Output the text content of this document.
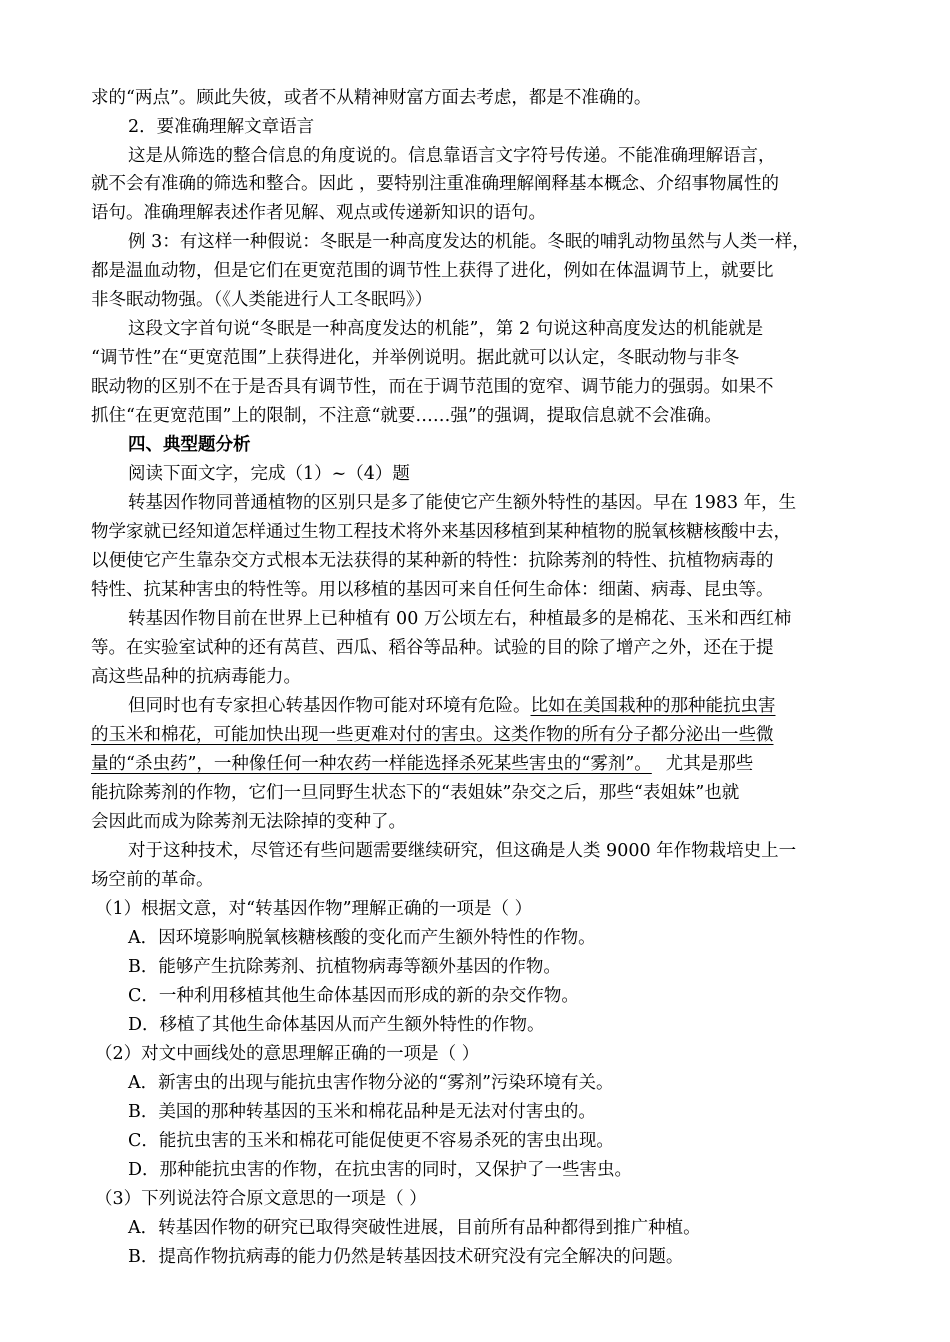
求的“两点”。顾此失彼，或者不从精神财富方面去考虑，都是不准确的。
2．要准确理解文章语言
这是从筛选的整合信息的角度说的。信息靠语言文字符号传递。不能准确理解语言，
就不会有准确的筛选和整合。因此 ，要特别注重准确理解阐释基本概念、介绍事物属性的
语句。准确理解表述作者见解、观点或传递新知识的语句。
例 3：有这样一种假说：冬眠是一种高度发达的机能。冬眠的哺乳动物虽然与人类一样，
都是温血动物，但是它们在更宽范围的调节性上获得了进化，例如在体温调节上，就要比
非冬眠动物强。（《人类能进行人工冬眠吗》）
这段文字首句说“冬眠是一种高度发达的机能”，第 2 句说这种高度发达的机能就是
“调节性”在“更宽范围”上获得进化，并举例说明。据此就可以认定，冬眠动物与非冬
眠动物的区别不在于是否具有调节性，而在于调节范围的宽窄、调节能力的强弱。如果不
抓住“在更宽范围”上的限制，不注意“就要……强”的强调，提取信息就不会准确。
四、典型题分析
阅读下面文字，完成（1）~（4）题
转基因作物同普通植物的区别只是多了能使它产生额外特性的基因。早在 1983 年，生
物学家就已经知道怎样通过生物工程技术将外来基因移植到某种植物的脱氧核糖核酸中去，
以便使它产生靠杂交方式根本无法获得的某种新的特性：抗除莠剂的特性、抗植物病毒的
特性、抗某种害虫的特性等。用以移植的基因可来自任何生命体：细菌、病毒、昆虫等。
转基因作物目前在世界上已种植有 00 万公顷左右，种植最多的是棉花、玉米和西红柿
等。在实验室试种的还有莴苣、西瓜、稻谷等品种。试验的目的除了增产之外，还在于提
高这些品种的抗病毒能力。
但同时也有专家担心转基因作物可能对环境有危险。比如在美国栽种的那种能抗虫害
的玉米和棉花，可能加快出现一些更难对付的害虫。这类作物的所有分子都分泌出一些微
量的“杀虫药”，一种像任何一种农药一样能选择杀死某些害虫的“雾剂”。 尤其是那些
能抗除莠剂的作物，它们一旦同野生状态下的“表姐妹”杂交之后，那些“表姐妹”也就
会因此而成为除莠剂无法除掉的变种了。
对于这种技术，尽管还有些问题需要继续研究，但这确是人类 9000 年作物栽培史上一
场空前的革命。
（1）根据文意，对“转基因作物”理解正确的一项是（ ）
A．因环境影响脱氧核糖核酸的变化而产生额外特性的作物。
B．能够产生抗除莠剂、抗植物病毒等额外基因的作物。
C．一种利用移植其他生命体基因而形成的新的杂交作物。
D．移植了其他生命体基因从而产生额外特性的作物。
（2）对文中画线处的意思理解正确的一项是（ ）
A．新害虫的出现与能抗虫害作物分泌的“雾剂”污染环境有关。
B．美国的那种转基因的玉米和棉花品种是无法对付害虫的。
C．能抗虫害的玉米和棉花可能促使更不容易杀死的害虫出现。
D．那种能抗虫害的作物，在抗虫害的同时，又保护了一些害虫。
（3）下列说法符合原文意思的一项是（ ）
A．转基因作物的研究已取得突破性进展，目前所有品种都得到推广种植。
B．提高作物抗病毒的能力仍然是转基因技术研究没有完全解决的问题。
